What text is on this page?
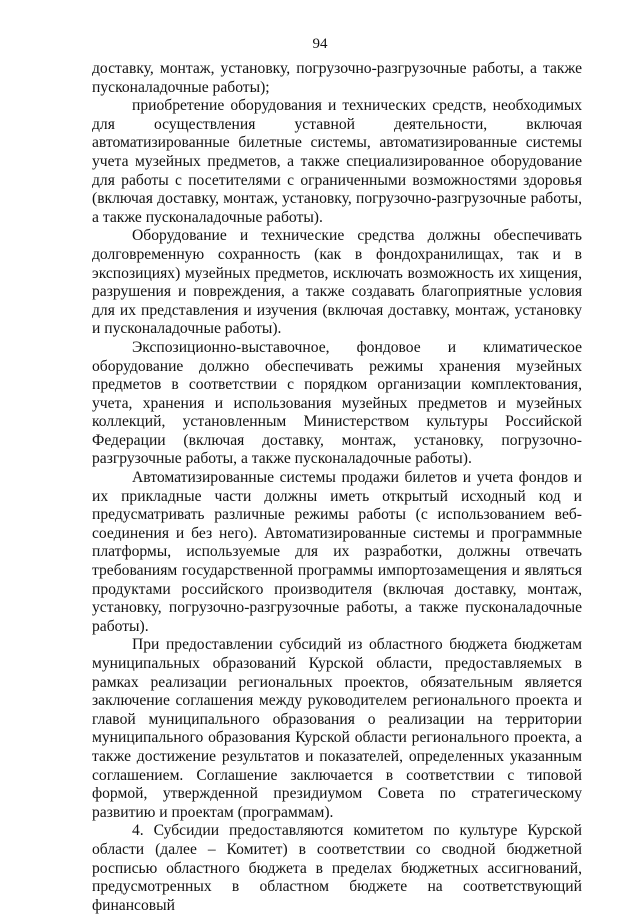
94

доставку, монтаж, установку, погрузочно-разгрузочные работы, а также пусконаладочные работы);

приобретение оборудования и технических средств, необходимых для осуществления уставной деятельности, включая автоматизированные билетные системы, автоматизированные системы учета музейных предметов, а также специализированное оборудование для работы с посетителями с ограниченными возможностями здоровья (включая доставку, монтаж, установку, погрузочно-разгрузочные работы, а также пусконаладочные работы).

Оборудование и технические средства должны обеспечивать долговременную сохранность (как в фондохранилищах, так и в экспозициях) музейных предметов, исключать возможность их хищения, разрушения и повреждения, а также создавать благоприятные условия для их представления и изучения (включая доставку, монтаж, установку и пусконаладочные работы).

Экспозиционно-выставочное, фондовое и климатическое оборудование должно обеспечивать режимы хранения музейных предметов в соответствии с порядком организации комплектования, учета, хранения и использования музейных предметов и музейных коллекций, установленным Министерством культуры Российской Федерации (включая доставку, монтаж, установку, погрузочно-разгрузочные работы, а также пусконаладочные работы).

Автоматизированные системы продажи билетов и учета фондов и их прикладные части должны иметь открытый исходный код и предусматривать различные режимы работы (с использованием веб-соединения и без него). Автоматизированные системы и программные платформы, используемые для их разработки, должны отвечать требованиям государственной программы импортозамещения и являться продуктами российского производителя (включая доставку, монтаж, установку, погрузочно-разгрузочные работы, а также пусконаладочные работы).

При предоставлении субсидий из областного бюджета бюджетам муниципальных образований Курской области, предоставляемых в рамках реализации региональных проектов, обязательным является заключение соглашения между руководителем регионального проекта и главой муниципального образования о реализации на территории муниципального образования Курской области регионального проекта, а также достижение результатов и показателей, определенных указанным соглашением. Соглашение заключается в соответствии с типовой формой, утвержденной президиумом Совета по стратегическому развитию и проектам (программам).

4. Субсидии предоставляются комитетом по культуре Курской области (далее – Комитет) в соответствии со сводной бюджетной росписью областного бюджета в пределах бюджетных ассигнований, предусмотренных в областном бюджете на соответствующий финансовый
